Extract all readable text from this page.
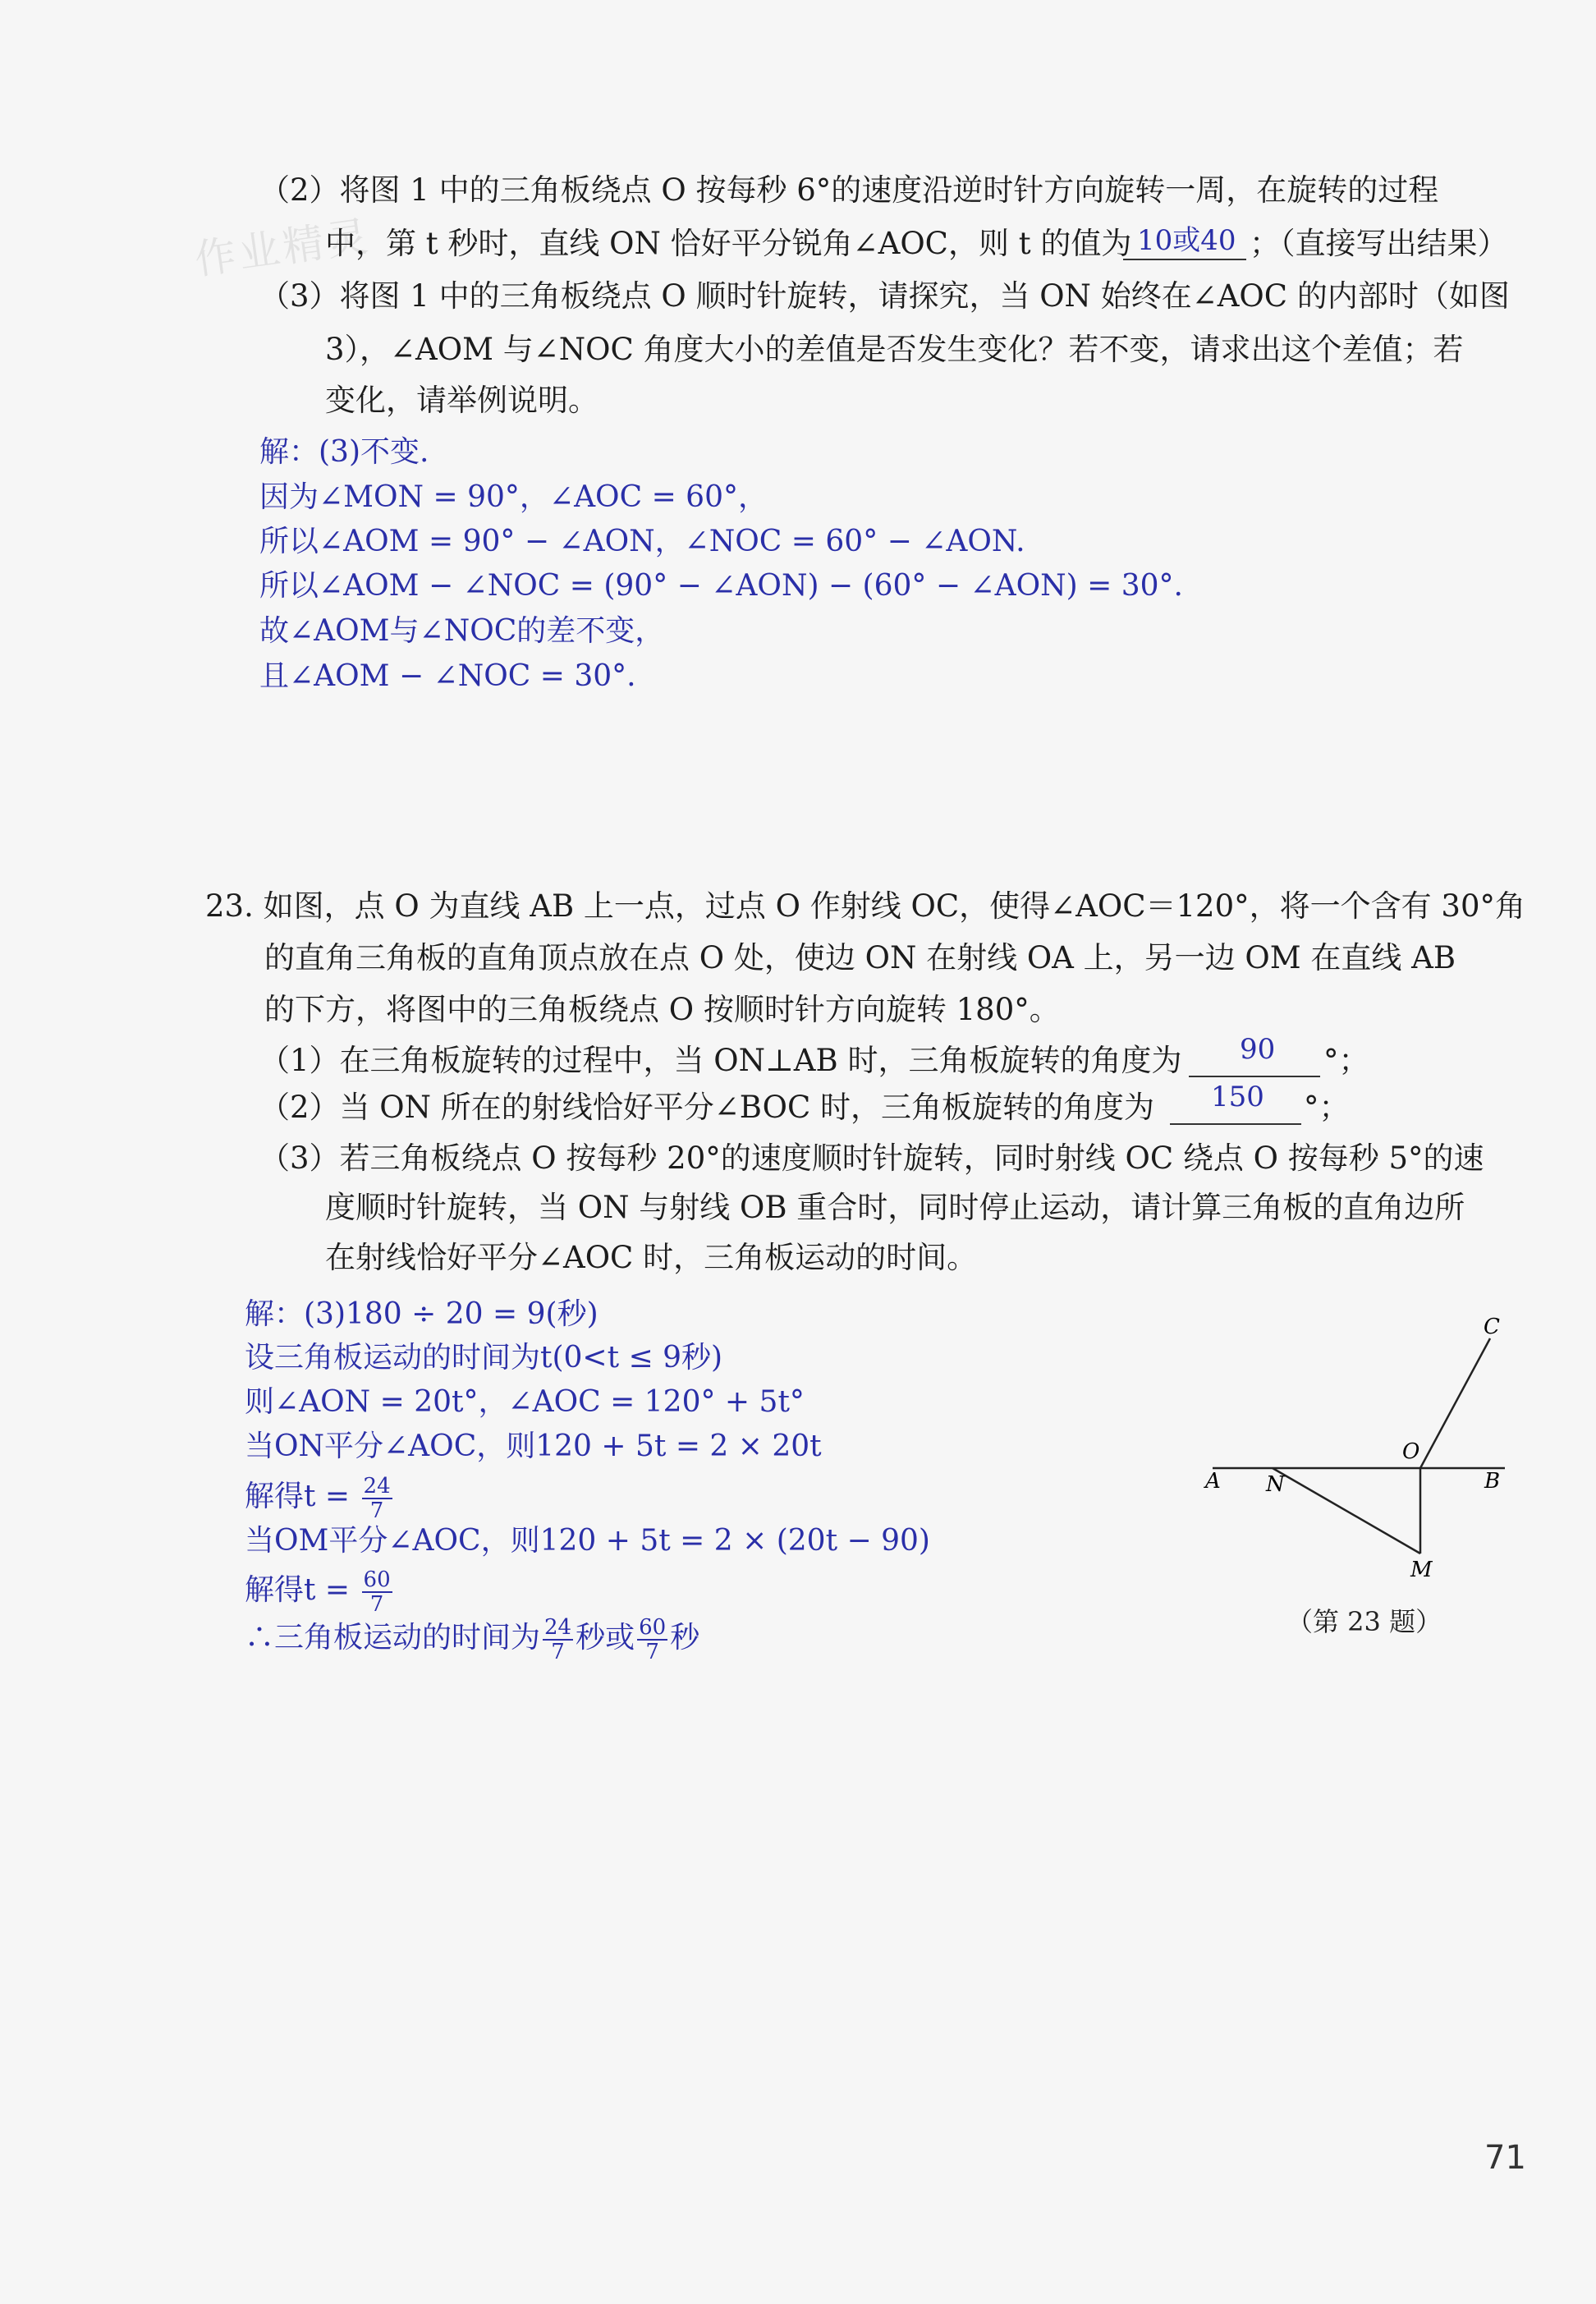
作业精灵
（2）将图 1 中的三角板绕点 O 按每秒 6°的速度沿逆时针方向旋转一周，在旋转的过程
中，第 t 秒时，直线 ON 恰好平分锐角∠AOC，则 t 的值为 10或40 ；（直接写出结果）
（3）将图 1 中的三角板绕点 O 顺时针旋转，请探究，当 ON 始终在∠AOC 的内部时（如图
3），∠AOM 与∠NOC 角度大小的差值是否发生变化？若不变，请求出这个差值；若
变化，请举例说明。
解：(3)不变.
因为∠MON = 90°，∠AOC = 60°，
所以∠AOM = 90° − ∠AON，∠NOC = 60° − ∠AON.
所以∠AOM − ∠NOC = (90° − ∠AON) − (60° − ∠AON) = 30°.
故∠AOM与∠NOC的差不变，
且∠AOM − ∠NOC = 30°.
23. 如图，点 O 为直线 AB 上一点，过点 O 作射线 OC，使得∠AOC＝120°，将一个含有 30°角
的直角三角板的直角顶点放在点 O 处，使边 ON 在射线 OA 上，另一边 OM 在直线 AB
的下方，将图中的三角板绕点 O 按顺时针方向旋转 180°。
（1）在三角板旋转的过程中，当 ON⊥AB 时，三角板旋转的角度为 90 °；
（2）当 ON 所在的射线恰好平分∠BOC 时，三角板旋转的角度为 150 °；
（3）若三角板绕点 O 按每秒 20°的速度顺时针旋转，同时射线 OC 绕点 O 按每秒 5°的速
度顺时针旋转，当 ON 与射线 OB 重合时，同时停止运动，请计算三角板的直角边所
在射线恰好平分∠AOC 时，三角板运动的时间。
解：(3)180 ÷ 20 = 9(秒)
设三角板运动的时间为t(0<t ≤ 9秒)
则∠AON = 20t°，∠AOC = 120° + 5t°
当ON平分∠AOC，则120 + 5t = 2 × 20t
解得$t = \frac{24}{7}$
当OM平分∠AOC，则120 + 5t = 2 × (20t − 90)
解得$t = \frac{60}{7}$
∴三角板运动的时间为 $\frac{24}{7}$ 秒或 $\frac{60}{7}$ 秒
A N
O
B
C
M
（第 23 题）
71
